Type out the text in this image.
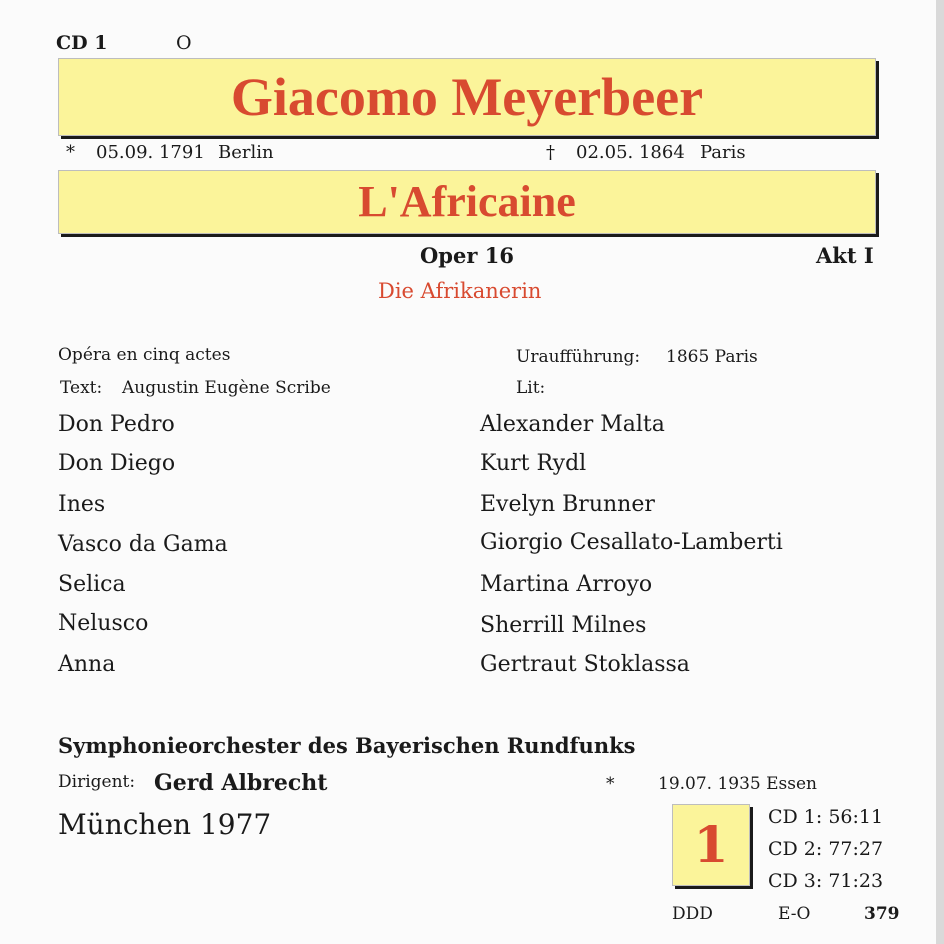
CD 1	O
Giacomo Meyerbeer
* 05.09. 1791 Berlin	† 02.05. 1864 Paris
L'Africaine
Oper 16	Akt I
Die Afrikanerin
Opéra en cinq actes
Text: Augustin Eugène Scribe
Uraufführung: 1865 Paris
Lit:
Don Pedro	Alexander Malta
Don Diego	Kurt Rydl
Ines	Evelyn Brunner
Vasco da Gama	Giorgio Cesallato-Lamberti
Selica	Martina Arroyo
Nelusco	Sherrill Milnes
Anna	Gertraut Stoklassa
Symphonieorchester des Bayerischen Rundfunks
Dirigent: Gerd Albrecht	*	19.07. 1935 Essen
München 1977	1	CD 1: 56:11
CD 2: 77:27
CD 3: 71:23
DDD	E-O	379
